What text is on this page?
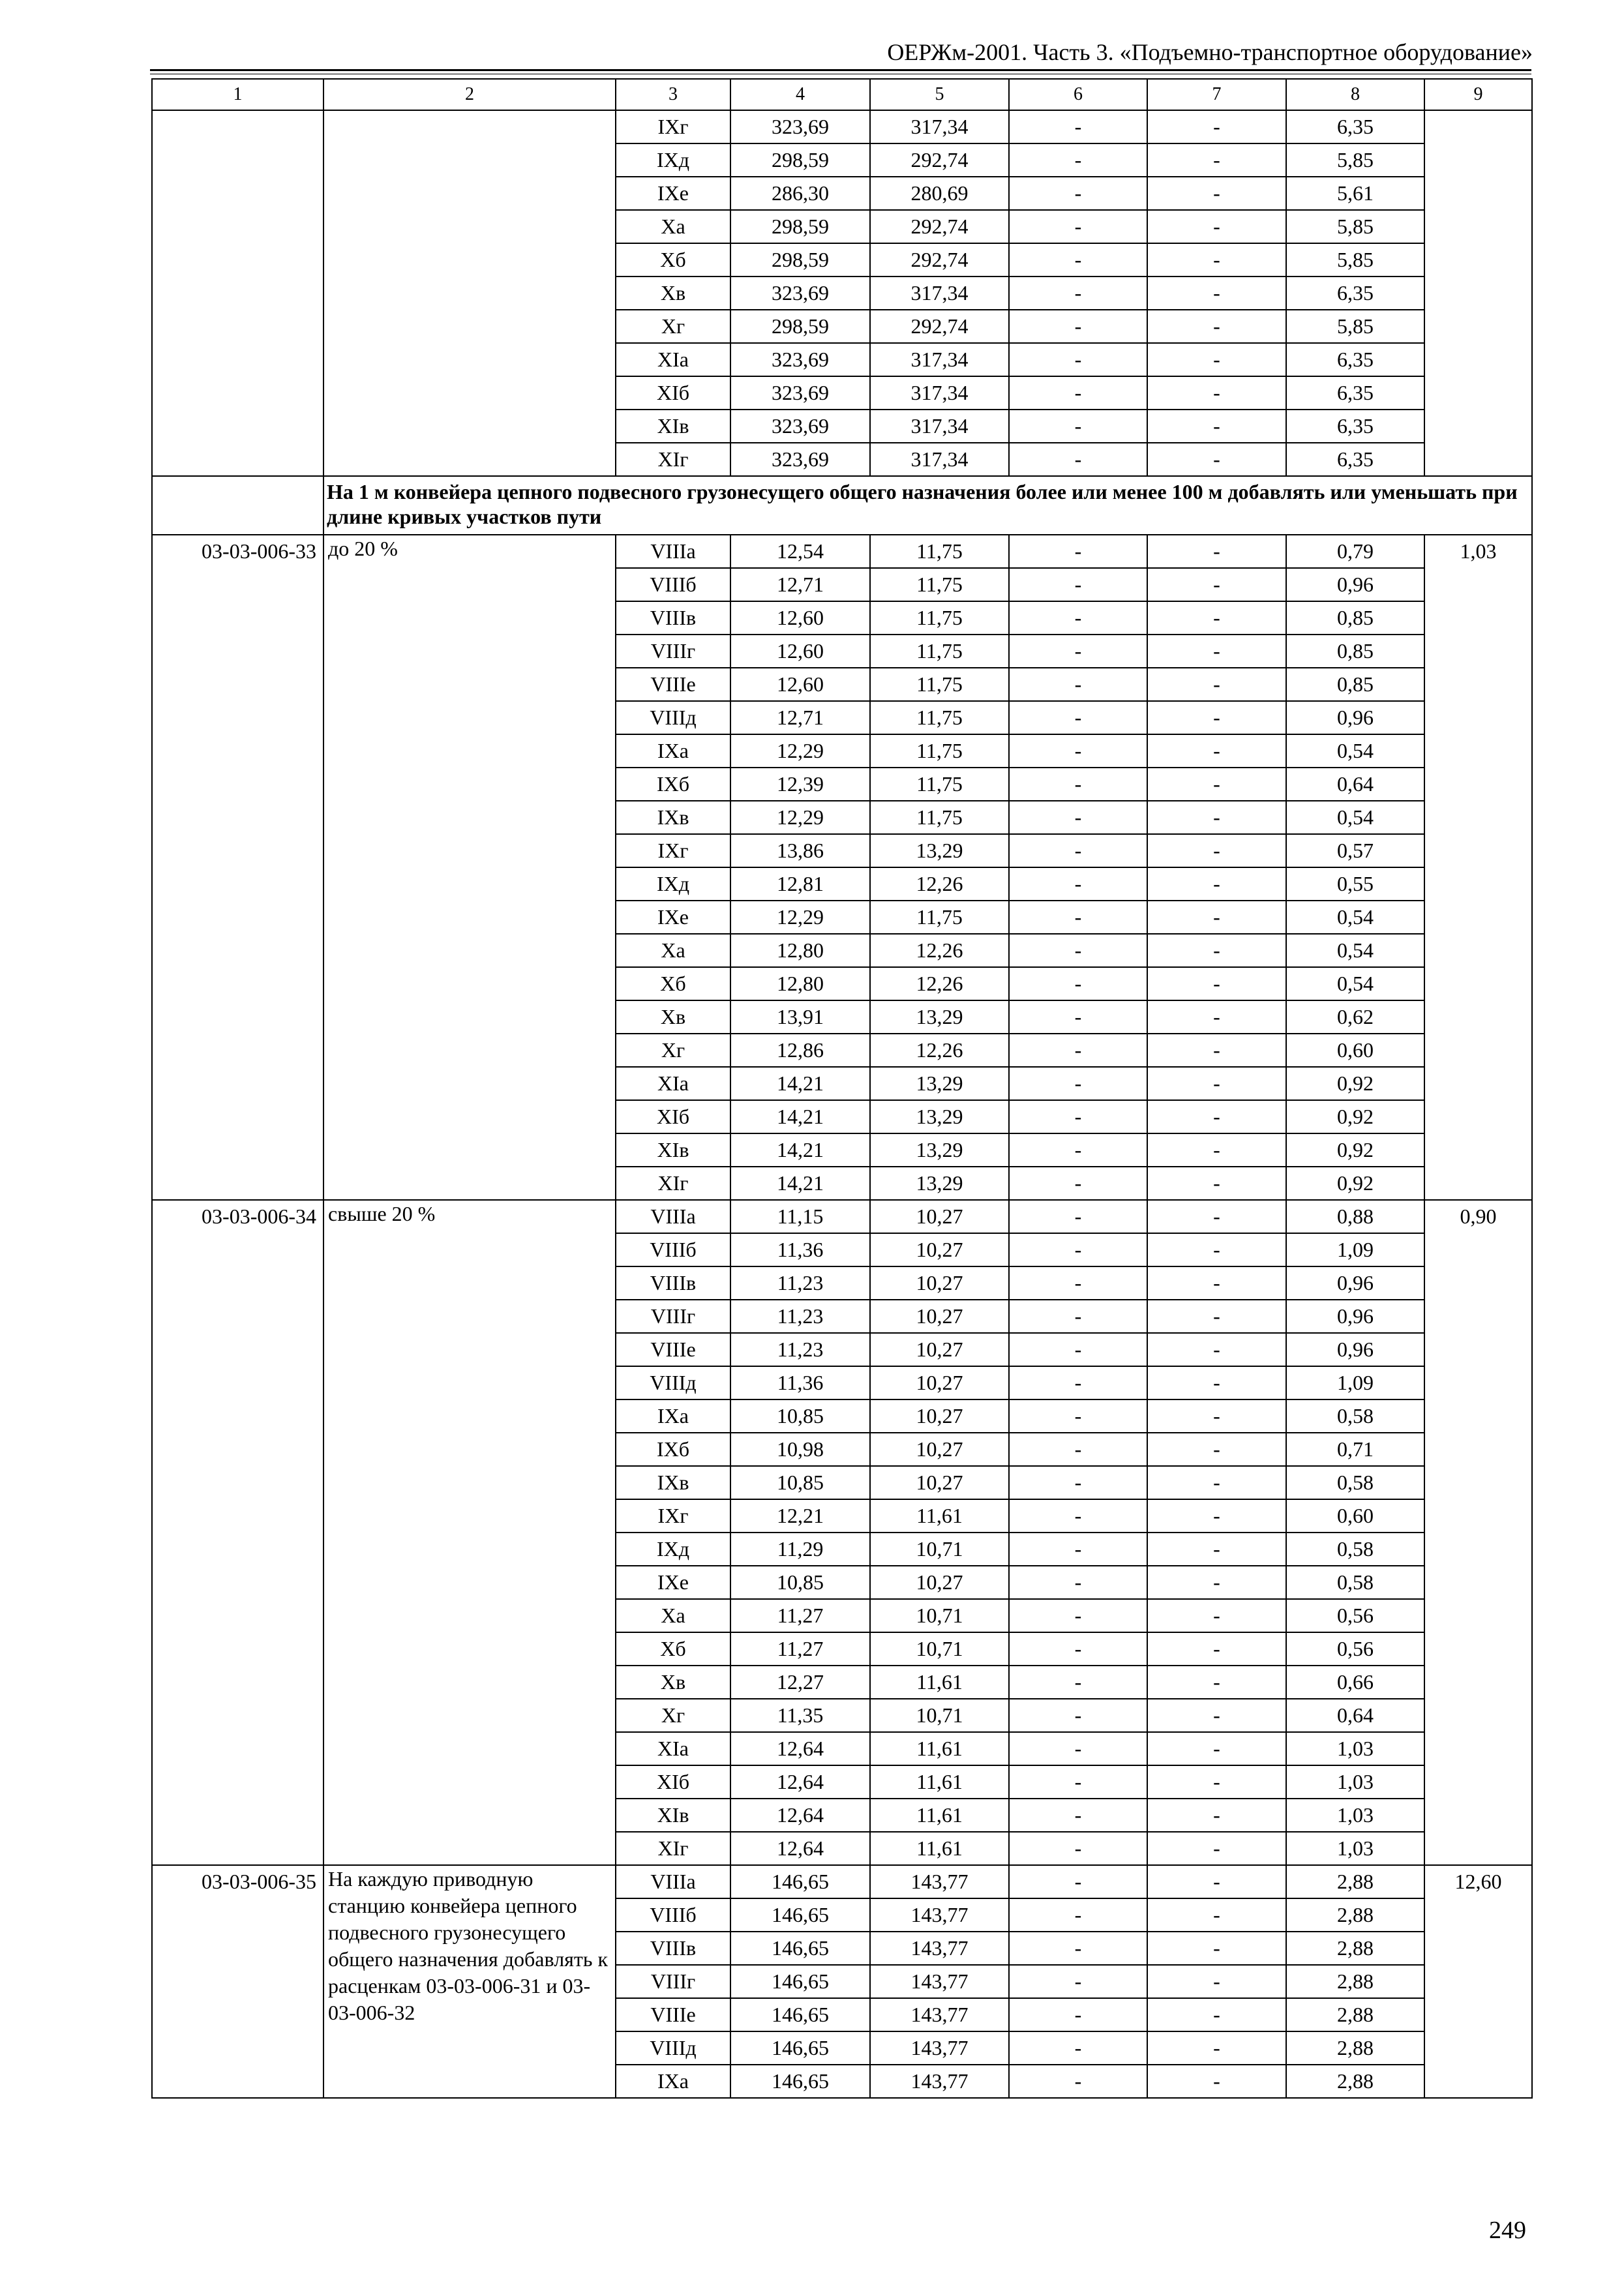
ОЕРЖм-2001. Часть 3. «Подъемно-транспортное оборудование»
1	2	3	4	5	6	7	8	9
		IXг	323,69	317,34	-	-	6,35	
		IXд	298,59	292,74	-	-	5,85	
		IXе	286,30	280,69	-	-	5,61	
		Xа	298,59	292,74	-	-	5,85	
		Xб	298,59	292,74	-	-	5,85	
		Xв	323,69	317,34	-	-	6,35	
		Xг	298,59	292,74	-	-	5,85	
		XIа	323,69	317,34	-	-	6,35	
		XIб	323,69	317,34	-	-	6,35	
		XIв	323,69	317,34	-	-	6,35	
		XIг	323,69	317,34	-	-	6,35	
	На 1 м конвейера цепного подвесного грузонесущего общего назначения более или менее 100 м добавлять или уменьшать при длине кривых участков пути							
03-03-006-33	до 20 %	VIIIа	12,54	11,75	-	-	0,79	1,03
		VIIIб	12,71	11,75	-	-	0,96	
		VIIIв	12,60	11,75	-	-	0,85	
		VIIIг	12,60	11,75	-	-	0,85	
		VIIIе	12,60	11,75	-	-	0,85	
		VIIIд	12,71	11,75	-	-	0,96	
		IXа	12,29	11,75	-	-	0,54	
		IXб	12,39	11,75	-	-	0,64	
		IXв	12,29	11,75	-	-	0,54	
		IXг	13,86	13,29	-	-	0,57	
		IXд	12,81	12,26	-	-	0,55	
		IXе	12,29	11,75	-	-	0,54	
		Xа	12,80	12,26	-	-	0,54	
		Xб	12,80	12,26	-	-	0,54	
		Xв	13,91	13,29	-	-	0,62	
		Xг	12,86	12,26	-	-	0,60	
		XIа	14,21	13,29	-	-	0,92	
		XIб	14,21	13,29	-	-	0,92	
		XIв	14,21	13,29	-	-	0,92	
		XIг	14,21	13,29	-	-	0,92	
03-03-006-34	свыше 20 %	VIIIа	11,15	10,27	-	-	0,88	0,90
		VIIIб	11,36	10,27	-	-	1,09	
		VIIIв	11,23	10,27	-	-	0,96	
		VIIIг	11,23	10,27	-	-	0,96	
		VIIIе	11,23	10,27	-	-	0,96	
		VIIIд	11,36	10,27	-	-	1,09	
		IXа	10,85	10,27	-	-	0,58	
		IXб	10,98	10,27	-	-	0,71	
		IXв	10,85	10,27	-	-	0,58	
		IXг	12,21	11,61	-	-	0,60	
		IXд	11,29	10,71	-	-	0,58	
		IXе	10,85	10,27	-	-	0,58	
		Xа	11,27	10,71	-	-	0,56	
		Xб	11,27	10,71	-	-	0,56	
		Xв	12,27	11,61	-	-	0,66	
		Xг	11,35	10,71	-	-	0,64	
		XIа	12,64	11,61	-	-	1,03	
		XIб	12,64	11,61	-	-	1,03	
		XIв	12,64	11,61	-	-	1,03	
		XIг	12,64	11,61	-	-	1,03	
03-03-006-35	На каждую приводную станцию конвейера цепного подвесного грузонесущего общего назначения добавлять к расценкам 03-03-006-31 и 03-03-006-32	VIIIа	146,65	143,77	-	-	2,88	12,60
		VIIIб	146,65	143,77	-	-	2,88	
		VIIIв	146,65	143,77	-	-	2,88	
		VIIIг	146,65	143,77	-	-	2,88	
		VIIIе	146,65	143,77	-	-	2,88	
		VIIIд	146,65	143,77	-	-	2,88	
		IXа	146,65	143,77	-	-	2,88	
249
